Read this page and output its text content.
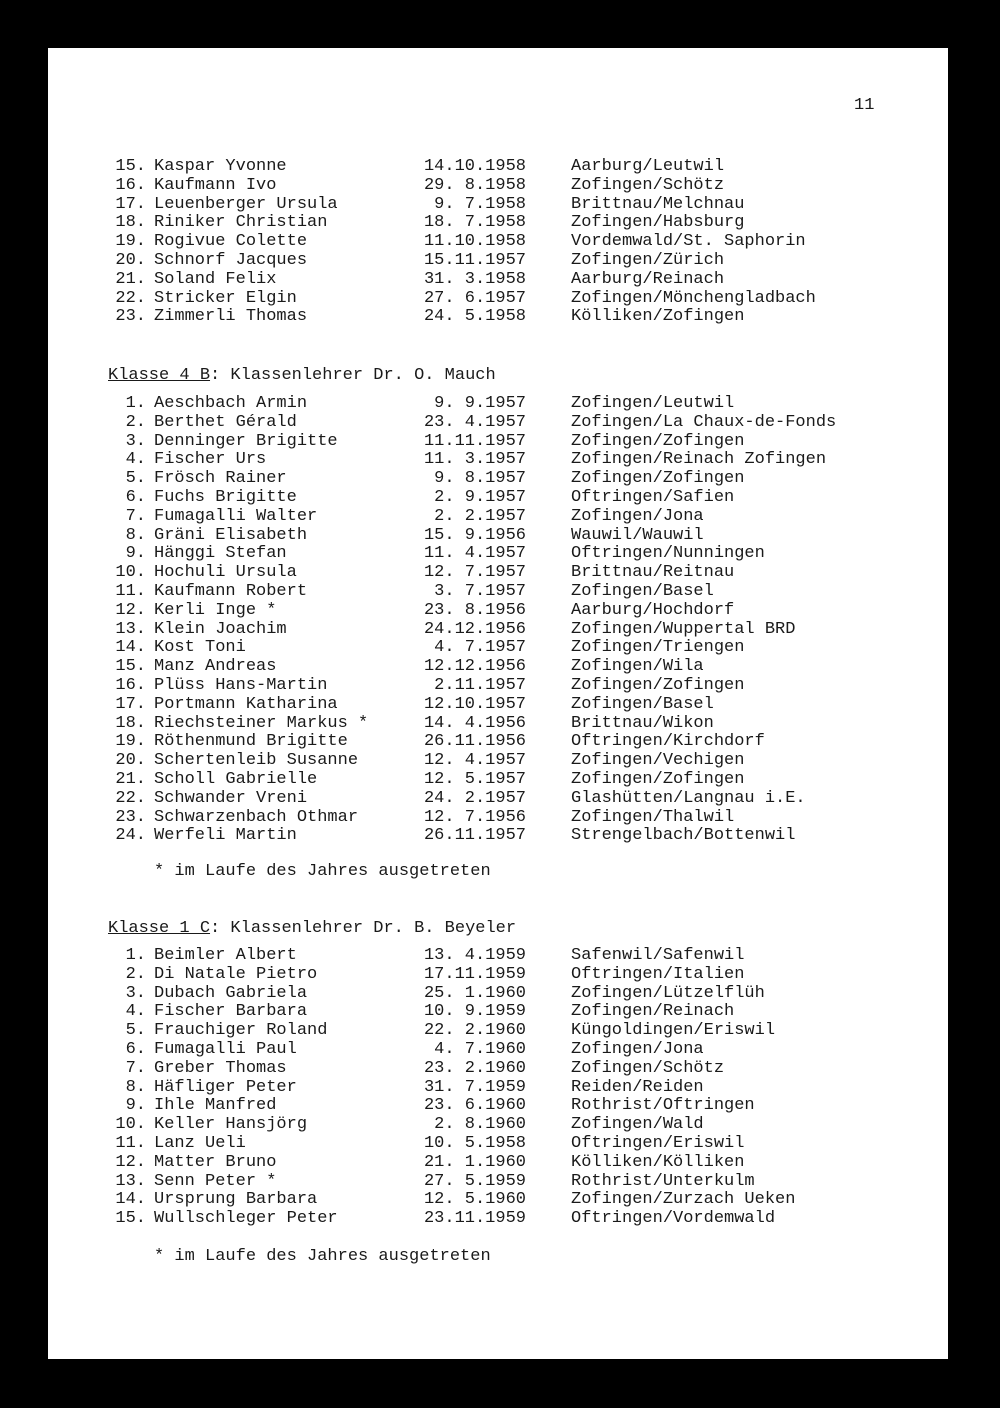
11
15. Kaspar Yvonne	14.10.1958	Aarburg/Leutwil
16. Kaufmann Ivo	29. 8.1958	Zofingen/Schötz
17. Leuenberger Ursula	9. 7.1958	Brittnau/Melchnau
18. Riniker Christian	18. 7.1958	Zofingen/Habsburg
19. Rogivue Colette	11.10.1958	Vordemwald/St. Saphorin
20. Schnorf Jacques	15.11.1957	Zofingen/Zürich
21. Soland Felix	31. 3.1958	Aarburg/Reinach
22. Stricker Elgin	27. 6.1957	Zofingen/Mönchengladbach
23. Zimmerli Thomas	24. 5.1958	Kölliken/Zofingen
Klasse 4 B: Klassenlehrer Dr. O. Mauch
1. Aeschbach Armin	9. 9.1957	Zofingen/Leutwil
2. Berthet Gérald	23. 4.1957	Zofingen/La Chaux-de-Fonds
3. Denninger Brigitte	11.11.1957	Zofingen/Zofingen
4. Fischer Urs	11. 3.1957	Zofingen/Reinach Zofingen
5. Frösch Rainer	9. 8.1957	Zofingen/Zofingen
6. Fuchs Brigitte	2. 9.1957	Oftringen/Safien
7. Fumagalli Walter	2. 2.1957	Zofingen/Jona
8. Gräni Elisabeth	15. 9.1956	Wauwil/Wauwil
9. Hänggi Stefan	11. 4.1957	Oftringen/Nunningen
10. Hochuli Ursula	12. 7.1957	Brittnau/Reitnau
11. Kaufmann Robert	3. 7.1957	Zofingen/Basel
12. Kerli Inge *	23. 8.1956	Aarburg/Hochdorf
13. Klein Joachim	24.12.1956	Zofingen/Wuppertal BRD
14. Kost Toni	4. 7.1957	Zofingen/Triengen
15. Manz Andreas	12.12.1956	Zofingen/Wila
16. Plüss Hans-Martin	2.11.1957	Zofingen/Zofingen
17. Portmann Katharina	12.10.1957	Zofingen/Basel
18. Riechsteiner Markus *	14. 4.1956	Brittnau/Wikon
19. Röthenmund Brigitte	26.11.1956	Oftringen/Kirchdorf
20. Schertenleib Susanne	12. 4.1957	Zofingen/Vechigen
21. Scholl Gabrielle	12. 5.1957	Zofingen/Zofingen
22. Schwander Vreni	24. 2.1957	Glashütten/Langnau i.E.
23. Schwarzenbach Othmar	12. 7.1956	Zofingen/Thalwil
24. Werfeli Martin	26.11.1957	Strengelbach/Bottenwil
* im Laufe des Jahres ausgetreten
Klasse 1 C: Klassenlehrer Dr. B. Beyeler
1. Beimler Albert	13. 4.1959	Safenwil/Safenwil
2. Di Natale Pietro	17.11.1959	Oftringen/Italien
3. Dubach Gabriela	25. 1.1960	Zofingen/Lützelflüh
4. Fischer Barbara	10. 9.1959	Zofingen/Reinach
5. Frauchiger Roland	22. 2.1960	Küngoldingen/Eriswil
6. Fumagalli Paul	4. 7.1960	Zofingen/Jona
7. Greber Thomas	23. 2.1960	Zofingen/Schötz
8. Häfliger Peter	31. 7.1959	Reiden/Reiden
9. Ihle Manfred	23. 6.1960	Rothrist/Oftringen
10. Keller Hansjörg	2. 8.1960	Zofingen/Wald
11. Lanz Ueli	10. 5.1958	Oftringen/Eriswil
12. Matter Bruno	21. 1.1960	Kölliken/Kölliken
13. Senn Peter *	27. 5.1959	Rothrist/Unterkulm
14. Ursprung Barbara	12. 5.1960	Zofingen/Zurzach Ueken
15. Wullschleger Peter	23.11.1959	Oftringen/Vordemwald
* im Laufe des Jahres ausgetreten
